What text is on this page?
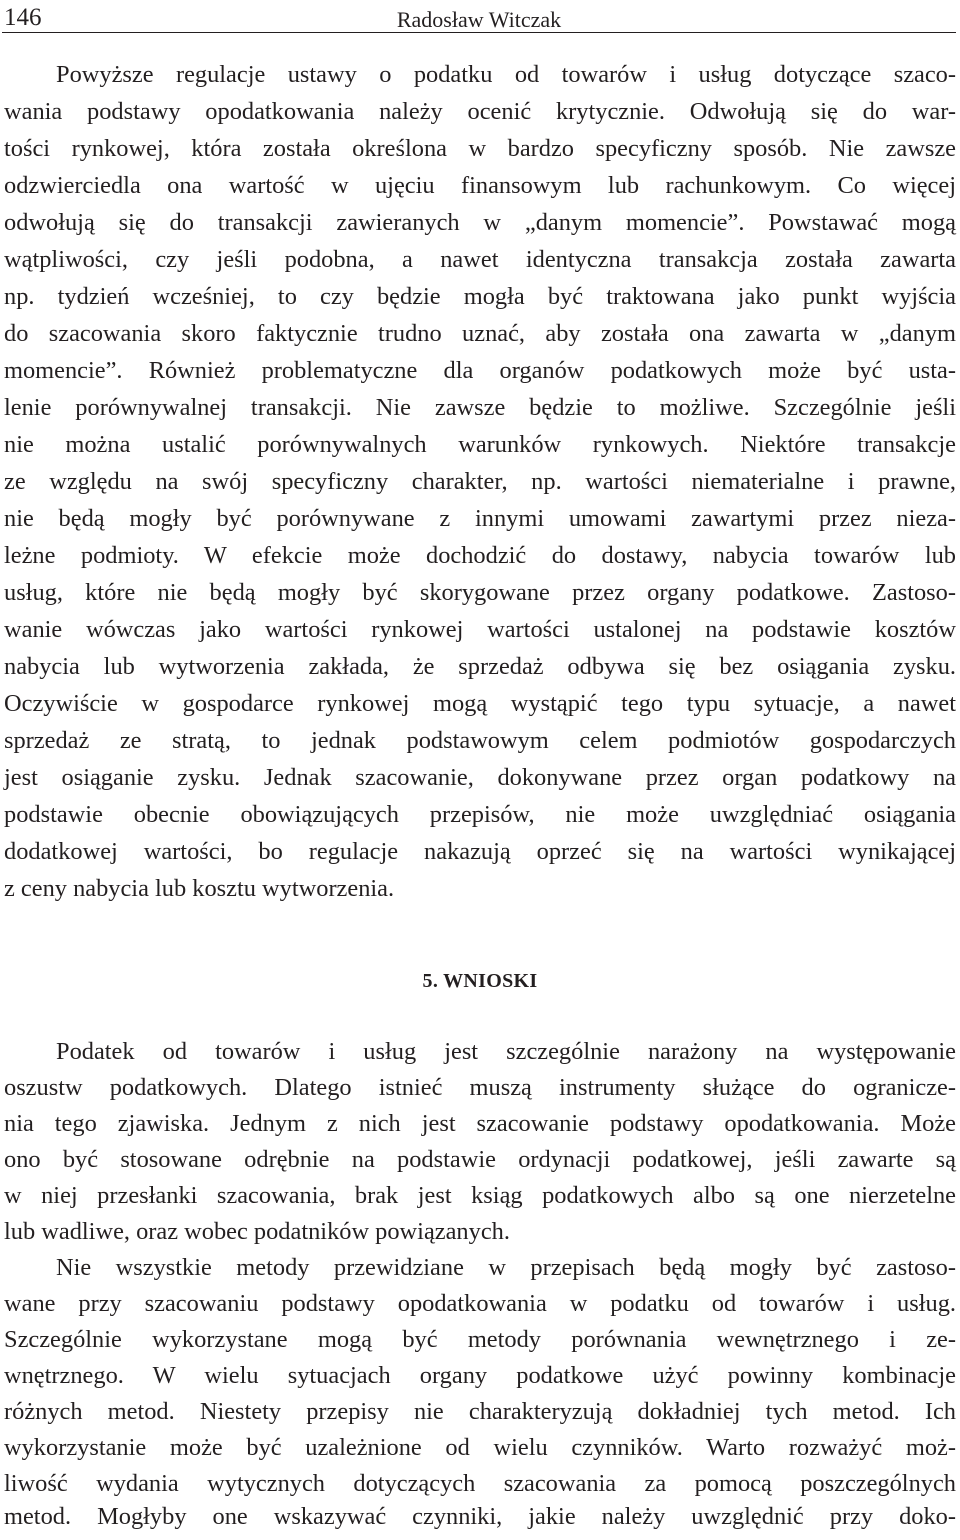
146	Radosław Witczak
Powyższe regulacje ustawy o podatku od towarów i usług dotyczące szaco-
wania podstawy opodatkowania należy ocenić krytycznie. Odwołują się do war-
tości rynkowej, która została określona w bardzo specyficzny sposób. Nie zawsze
odzwierciedla ona wartość w ujęciu finansowym lub rachunkowym. Co więcej
odwołują się do transakcji zawieranych w „danym momencie”. Powstawać mogą
wątpliwości, czy jeśli podobna, a nawet identyczna transakcja została zawarta
np. tydzień wcześniej, to czy będzie mogła być traktowana jako punkt wyjścia
do szacowania skoro faktycznie trudno uznać, aby została ona zawarta w „danym
momencie”. Również problematyczne dla organów podatkowych może być usta-
lenie porównywalnej transakcji. Nie zawsze będzie to możliwe. Szczególnie jeśli
nie można ustalić porównywalnych warunków rynkowych. Niektóre transakcje
ze względu na swój specyficzny charakter, np. wartości niematerialne i prawne,
nie będą mogły być porównywane z innymi umowami zawartymi przez nieza-
leżne podmioty. W efekcie może dochodzić do dostawy, nabycia towarów lub
usług, które nie będą mogły być skorygowane przez organy podatkowe. Zastoso-
wanie wówczas jako wartości rynkowej wartości ustalonej na podstawie kosztów
nabycia lub wytworzenia zakłada, że sprzedaż odbywa się bez osiągania zysku.
Oczywiście w gospodarce rynkowej mogą wystąpić tego typu sytuacje, a nawet
sprzedaż ze stratą, to jednak podstawowym celem podmiotów gospodarczych
jest osiąganie zysku. Jednak szacowanie, dokonywane przez organ podatkowy na
podstawie obecnie obowiązujących przepisów, nie może uwzględniać osiągania
dodatkowej wartości, bo regulacje nakazują oprzeć się na wartości wynikającej
z ceny nabycia lub kosztu wytworzenia.
5. WNIOSKI
Podatek od towarów i usług jest szczególnie narażony na występowanie
oszustw podatkowych. Dlatego istnieć muszą instrumenty służące do ogranicze-
nia tego zjawiska. Jednym z nich jest szacowanie podstawy opodatkowania. Może
ono być stosowane odrębnie na podstawie ordynacji podatkowej, jeśli zawarte są
w niej przesłanki szacowania, brak jest ksiąg podatkowych albo są one nierzetelne
lub wadliwe, oraz wobec podatników powiązanych.
Nie wszystkie metody przewidziane w przepisach będą mogły być zastoso-
wane przy szacowaniu podstawy opodatkowania w podatku od towarów i usług.
Szczególnie wykorzystane mogą być metody porównania wewnętrznego i ze-
wnętrznego. W wielu sytuacjach organy podatkowe użyć powinny kombinacje
różnych metod. Niestety przepisy nie charakteryzują dokładniej tych metod. Ich
wykorzystanie może być uzależnione od wielu czynników. Warto rozważyć moż-
liwość wydania wytycznych dotyczących szacowania za pomocą poszczególnych
metod. Mogłyby one wskazywać czynniki, jakie należy uwzględnić przy doko-
